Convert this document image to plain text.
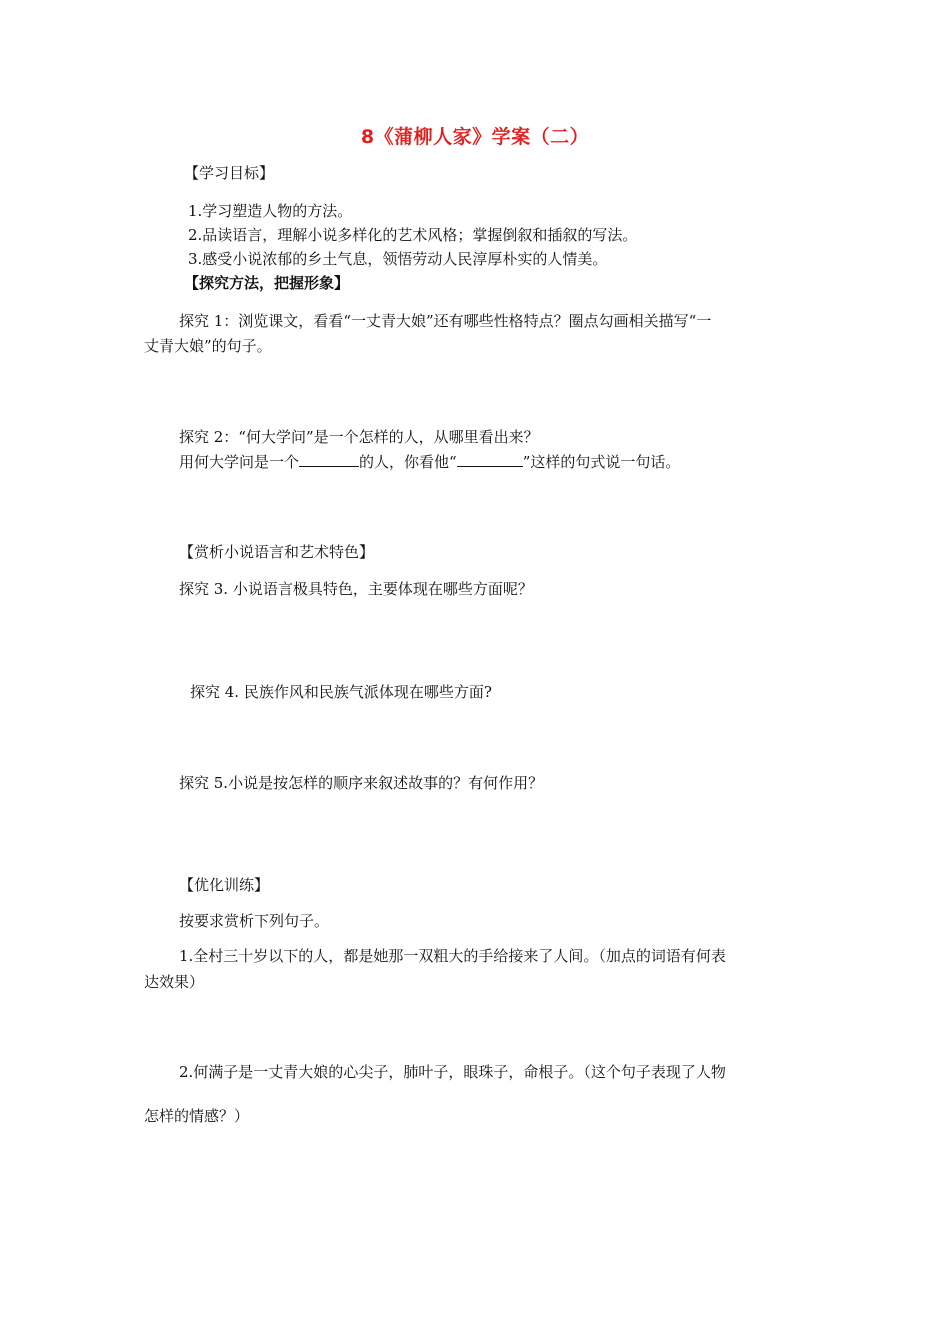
8《蒲柳人家》学案（二）
【学习目标】
1.学习塑造人物的方法。
2.品读语言，理解小说多样化的艺术风格；掌握倒叙和插叙的写法。
3.感受小说浓郁的乡土气息，领悟劳动人民淳厚朴实的人情美。
【探究方法，把握形象】
探究 1：浏览课文，看看“一丈青大娘”还有哪些性格特点？圈点勾画相关描写“一
丈青大娘”的句子。
探究 2：“何大学问”是一个怎样的人，从哪里看出来？
用何大学问是一个	的人，你看他“	”这样的句式说一句话。
【赏析小说语言和艺术特色】
探究 3. 小说语言极具特色，主要体现在哪些方面呢？
探究 4. 民族作风和民族气派体现在哪些方面?
探究 5.小说是按怎样的顺序来叙述故事的？有何作用？
【优化训练】
按要求赏析下列句子。
1.全村三十岁以下的人，都是她那一双粗大的手给接来了人间。（加点的词语有何表
达效果）
2.何满子是一丈青大娘的心尖子，肺叶子，眼珠子，命根子。（这个句子表现了人物
怎样的情感？）
